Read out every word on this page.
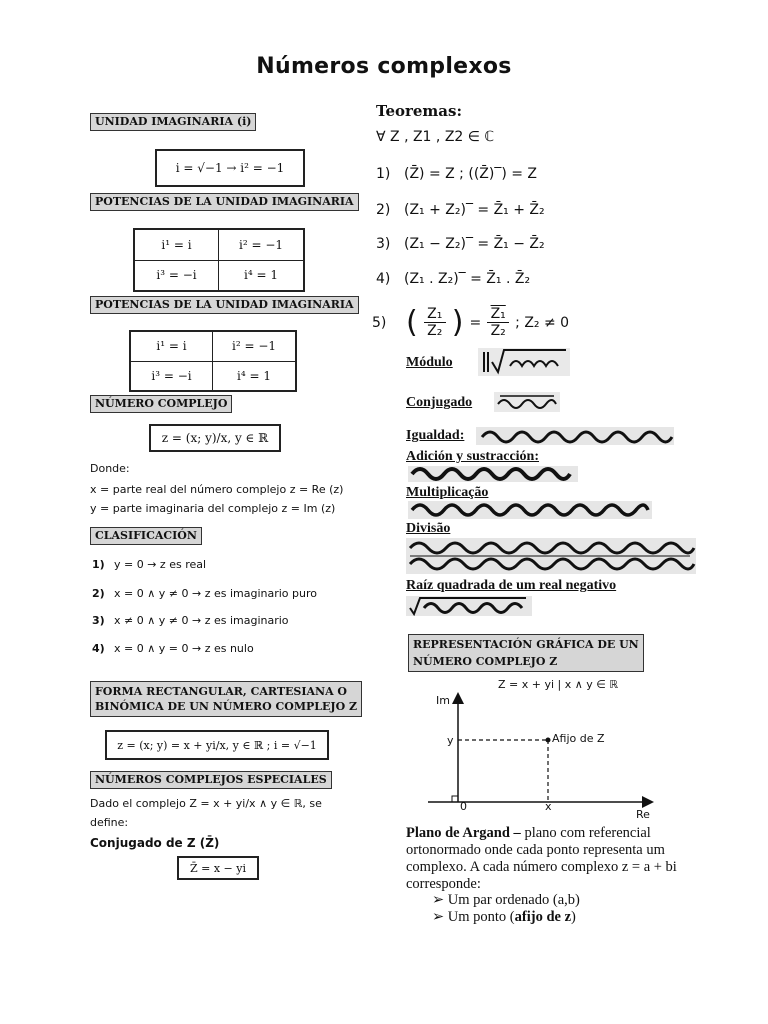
Números complexos
UNIDAD IMAGINARIA (i)
i = √−1 → i² = −1
POTENCIAS DE LA UNIDAD IMAGINARIA
i¹ = i	i² = −1
i³ = −i	i⁴ = 1
POTENCIAS DE LA UNIDAD IMAGINARIA
i¹ = i	i² = −1
i³ = −i	i⁴ = 1
NÚMERO COMPLEJO
z = (x; y)/x, y ∈ ℝ
Donde:
x = parte real del número complejo z = Re (z)
y = parte imaginaria del complejo z = Im (z)
CLASIFICACIÓN
1) y = 0 → z es real
2) x = 0 ∧ y ≠ 0 → z es imaginario puro
3) x ≠ 0 ∧ y ≠ 0 → z es imaginario
4) x = 0 ∧ y = 0 → z es nulo
FORMA RECTANGULAR, CARTESIANA O
BINÓMICA DE UN NÚMERO COMPLEJO Z
z = (x; y) = x + yi/x, y ∈ ℝ ; i = √−1
NÚMEROS COMPLEJOS ESPECIALES
Dado el complejo Z = x + yi/x ∧ y ∈ ℝ, se
define:
Conjugado de Z (Z̄)
Z̄ = x − yi
Teoremas:
∀ Z , Z1 , Z2 ∈ ℂ
1) (Z̄̄) = Z ; ((Z̄)‾) = Z
2) (Z₁ + Z₂)‾ = Z̄₁ + Z̄₂
3) (Z₁ − Z₂)‾ = Z̄₁ − Z̄₂
4) (Z₁ . Z₂)‾ = Z̄₁ . Z̄₂
5) ( Z₁
Z₂ ) = $\frac{\text{Z₁}}{\text{Z₂}}$ ; Z₂ ≠ 0
Módulo
Conjugado
Igualdad:
Adición y sustracción:
Multiplicação
Divisão
Raíz quadrada de um real negativo
REPRESENTACIÓN GRÁFICA DE UN
NÚMERO COMPLEJO Z
Z = x + yi | x ∧ y ∈ ℝ
Im
Re
y
x
0
Afijo de Z
Plano de Argand – plano com referencial ortonormado onde cada ponto representa um complexo. A cada número complexo z = a + bi corresponde:
➢ Um par ordenado (a,b)
➢ Um ponto (afijo de z)
